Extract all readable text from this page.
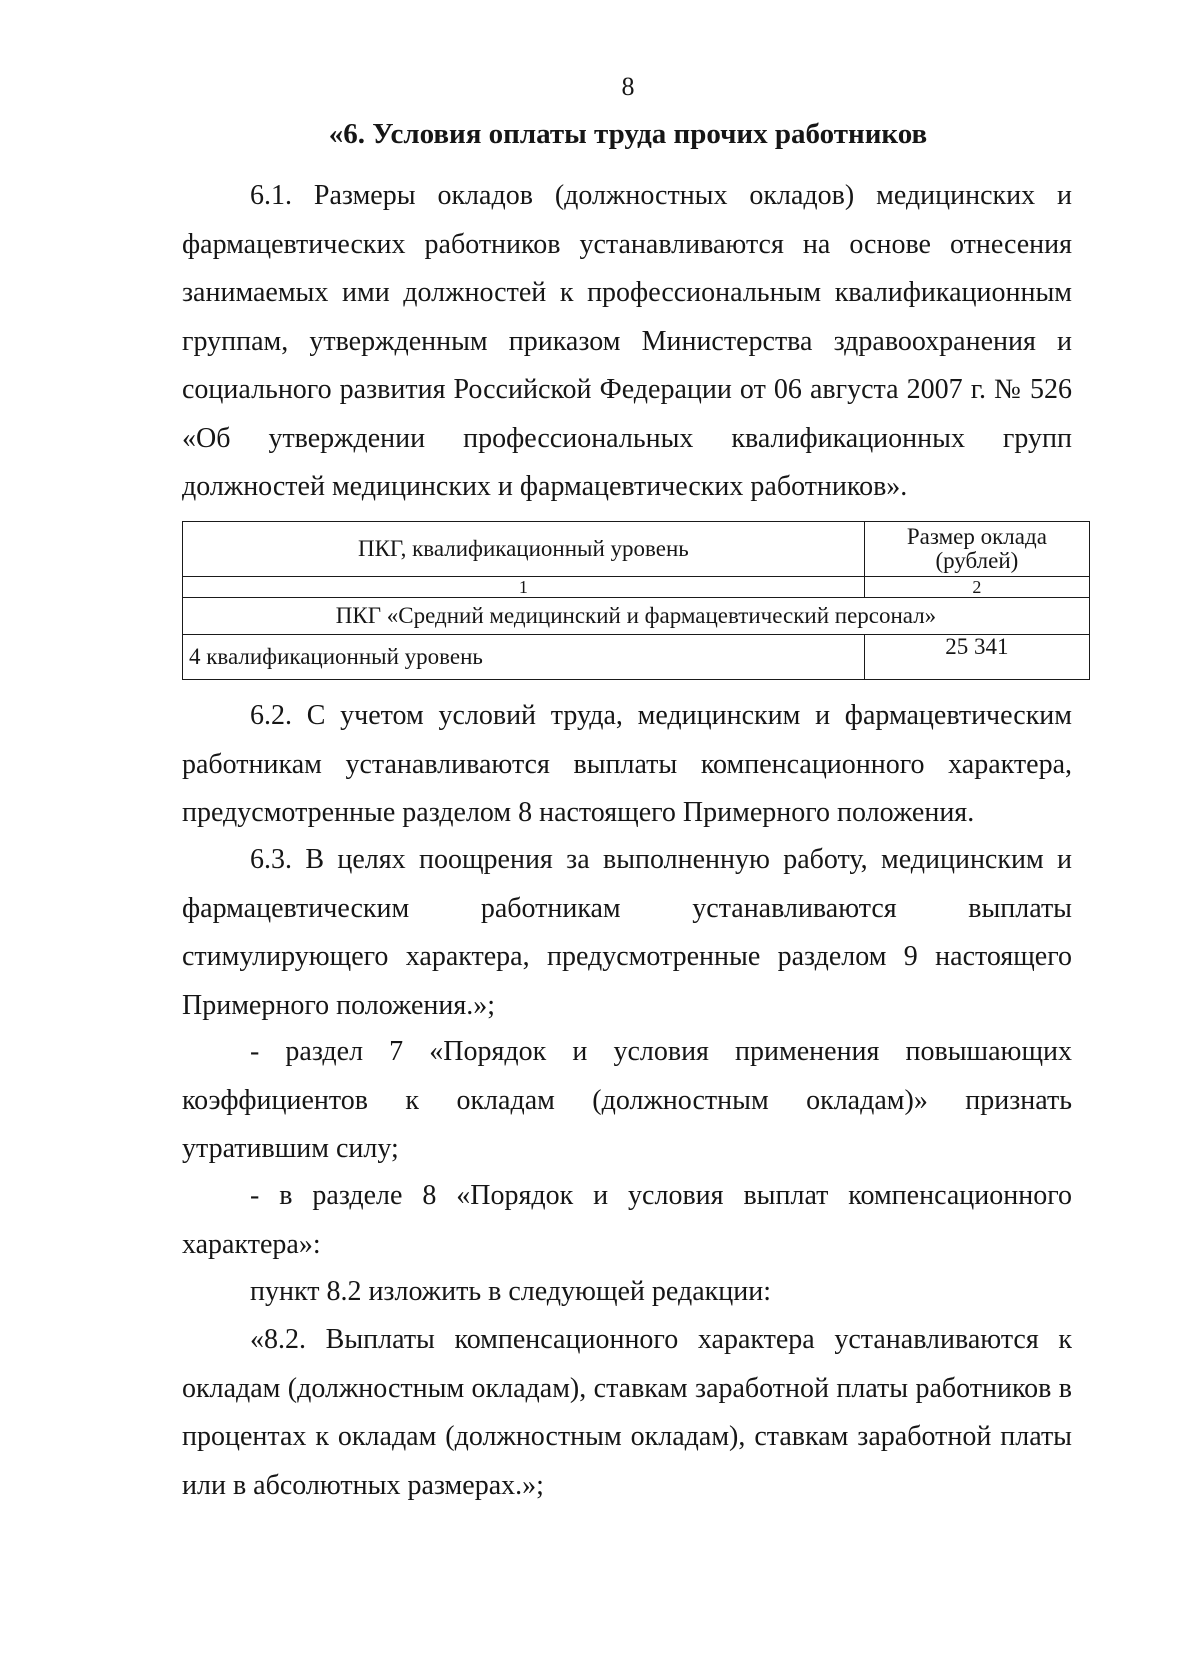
8
«6. Условия оплаты труда прочих работников

6.1. Размеры окладов (должностных окладов) медицинских и фармацевтических работников устанавливаются на основе отнесения занимаемых ими должностей к профессиональным квалификационным группам, утвержденным приказом Министерства здравоохранения и социального развития Российской Федерации от 06 августа 2007 г. № 526 «Об утверждении профессиональных квалификационных групп должностей медицинских и фармацевтических работников».

ПКГ, квалификационный уровень	Размер оклада (рублей)
1	2
ПКГ «Средний медицинский и фармацевтический персонал»	
4 квалификационный уровень	25 341

6.2. С учетом условий труда, медицинским и фармацевтическим работникам устанавливаются выплаты компенсационного характера, предусмотренные разделом 8 настоящего Примерного положения.

6.3. В целях поощрения за выполненную работу, медицинским и фармацевтическим работникам устанавливаются выплаты стимулирующего характера, предусмотренные разделом 9 настоящего Примерного положения.»;

- раздел 7 «Порядок и условия применения повышающих коэффициентов к окладам (должностным окладам)» признать утратившим силу;

- в разделе 8 «Порядок и условия выплат компенсационного характера»:

пункт 8.2 изложить в следующей редакции:

«8.2. Выплаты компенсационного характера устанавливаются к окладам (должностным окладам), ставкам заработной платы работников в процентах к окладам (должностным окладам), ставкам заработной платы или в абсолютных размерах.»;
